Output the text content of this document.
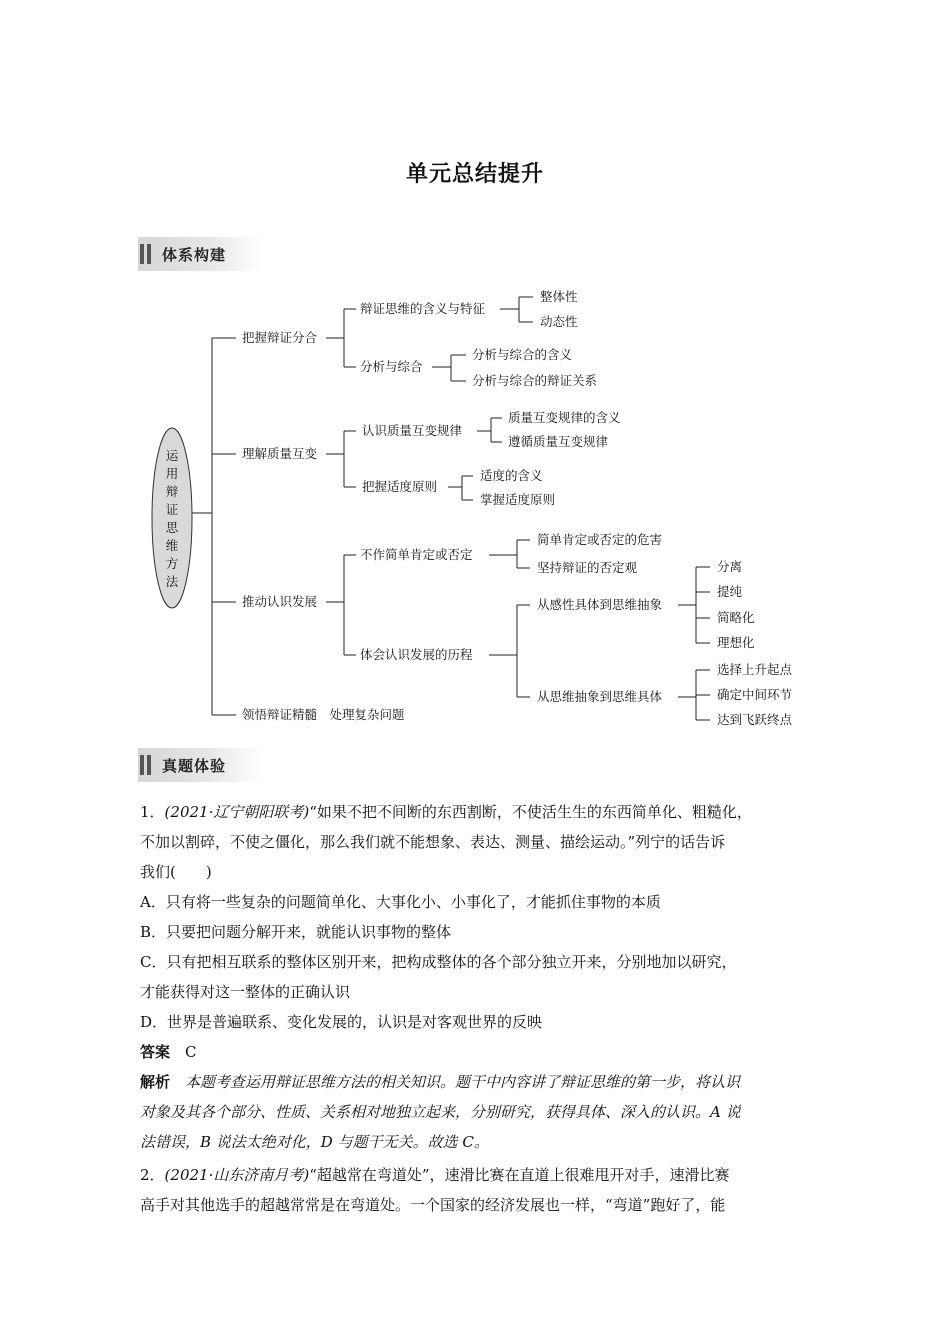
单元总结提升
体系构建
运
用
辩
证
思
维
方
法
把握辩证分合
理解质量互变
推动认识发展
领悟辩证精髓　处理复杂问题
辩证思维的含义与特征
分析与综合
认识质量互变规律
把握适度原则
不作简单肯定或否定
体会认识发展的历程
整体性
动态性
分析与综合的含义
分析与综合的辩证关系
质量互变规律的含义
遵循质量互变规律
适度的含义
掌握适度原则
简单肯定或否定的危害
坚持辩证的否定观
从感性具体到思维抽象
从思维抽象到思维具体
分离
提纯
简略化
理想化
选择上升起点
确定中间环节
达到飞跃终点
真题体验

1．(2021·辽宁朝阳联考)“如果不把不间断的东西割断，不使活生生的东西简单化、粗糙化，

不加以割碎，不使之僵化，那么我们就不能想象、表达、测量、描绘运动。”列宁的话告诉

我们(　　)

A．只有将一些复杂的问题简单化、大事化小、小事化了，才能抓住事物的本质

B．只要把问题分解开来，就能认识事物的整体

C．只有把相互联系的整体区别开来，把构成整体的各个部分独立开来，分别地加以研究，

才能获得对这一整体的正确认识

D．世界是普遍联系、变化发展的，认识是对客观世界的反映

答案　 C

解析　 本题考查运用辩证思维方法的相关知识。题干中内容讲了辩证思维的第一步，将认识

对象及其各个部分、性质、关系相对地独立起来，分别研究，获得具体、深入的认识。A 说

法错误，B 说法太绝对化，D 与题干无关。故选 C。

2．(2021·山东济南月考)“超越常在弯道处”，速滑比赛在直道上很难甩开对手，速滑比赛

高手对其他选手的超越常常是在弯道处。一个国家的经济发展也一样，“弯道”跑好了，能
